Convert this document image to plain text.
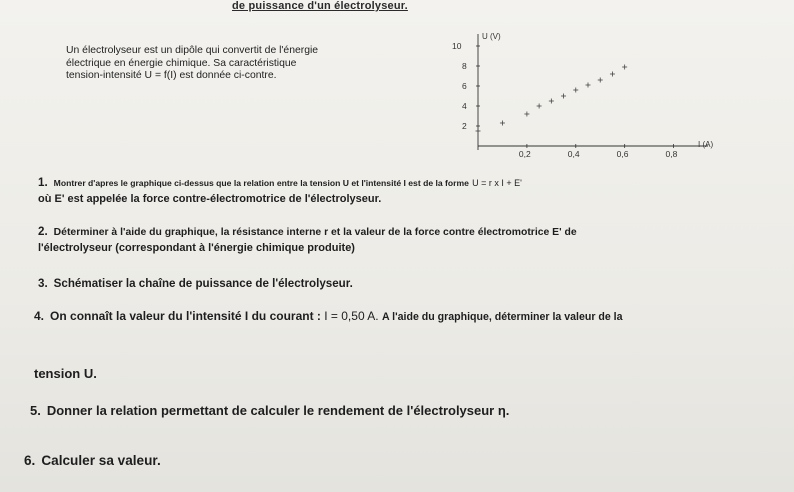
de puissance d'un électrolyseur.
Un électrolyseur est un dipôle qui convertit de l'énergie
électrique en énergie chimique. Sa caractéristique
tension-intensité U = f(I) est donnée ci-contre.
U (V)
I (A)
0,2	0,4	0,6	0,8
2
4
6
8
10
1. Montrer d'apres le graphique ci-dessus que la relation entre la tension U et l'intensité I est de la forme U = r x I + E'
où E' est appelée la force contre-électromotrice de l'électrolyseur.
2. Déterminer à l'aide du graphique, la résistance interne r et la valeur de la force contre électromotrice E' de
l'électrolyseur (correspondant à l'énergie chimique produite)
3. Schématiser la chaîne de puissance de l'électrolyseur.
4. On connaît la valeur du l'intensité I du courant : I = 0,50 A. A l'aide du graphique, déterminer la valeur de la
tension U.
5. Donner la relation permettant de calculer le rendement de l'électrolyseur η.
6. Calculer sa valeur.
